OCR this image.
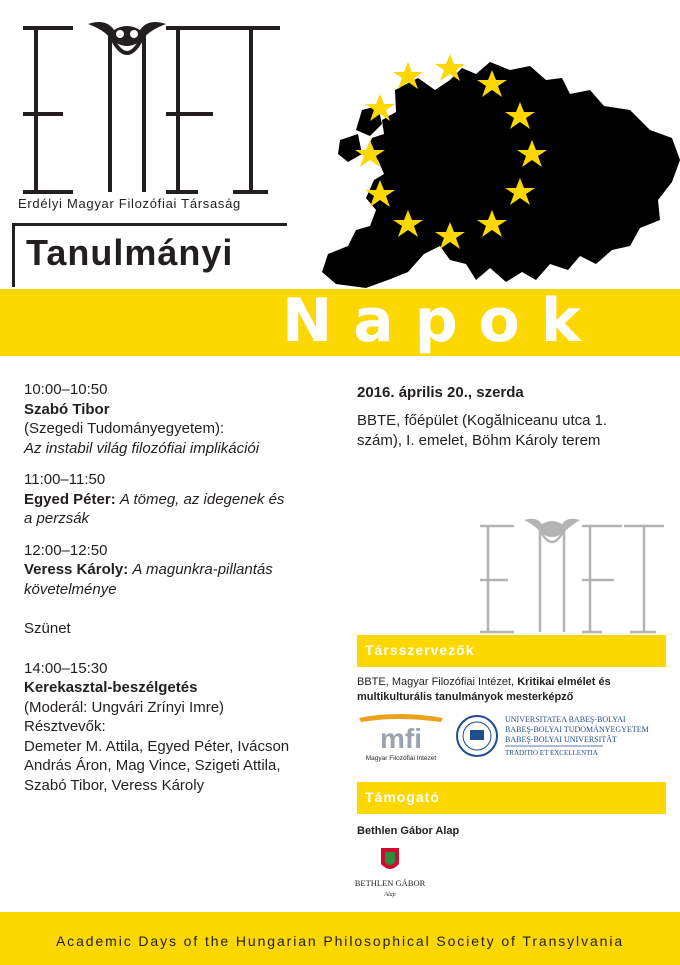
Erdélyi Magyar Filozófiai Társaság
Tanulmányi
Napok

10:00–10:50

Szabó Tibor

(Szegedi Tudományegyetem):

Az instabil világ filozófiai implikációi

11:00–11:50

Egyed Péter: A tömeg, az idegenek és

a perzsák

12:00–12:50

Veress Károly: A magunkra-pillantás

követelménye

Szünet

14:00–15:30

Kerekasztal-beszélgetés

(Moderál: Ungvári Zrínyi Imre)

Résztvevők:

Demeter M. Attila, Egyed Péter, Ivácson

András Áron, Mag Vince, Szigeti Attila,

Szabó Tibor, Veress Károly

2016. április 20., szerda
BBTE, főépület (Kogălniceanu utca 1.
szám), I. emelet, Böhm Károly terem
Társszervezők
BBTE, Magyar Filozófiai Intézet, Kritikai elmélet és
multikulturális tanulmányok mesterképző
mfi
Magyar Filozófiai Intézet
UNIVERSITATEA BABEŞ-BOLYAI
BABEŞ-BOLYAI TUDOMÁNYEGYETEM
BABEŞ-BOLYAI UNIVERSITÄT
TRADITIO ET EXCELLENTIA
Támogató
Bethlen Gábor Alap
BETHLEN GÁBOR
Alap
Academic Days of the Hungarian Philosophical Society of Transylvania
